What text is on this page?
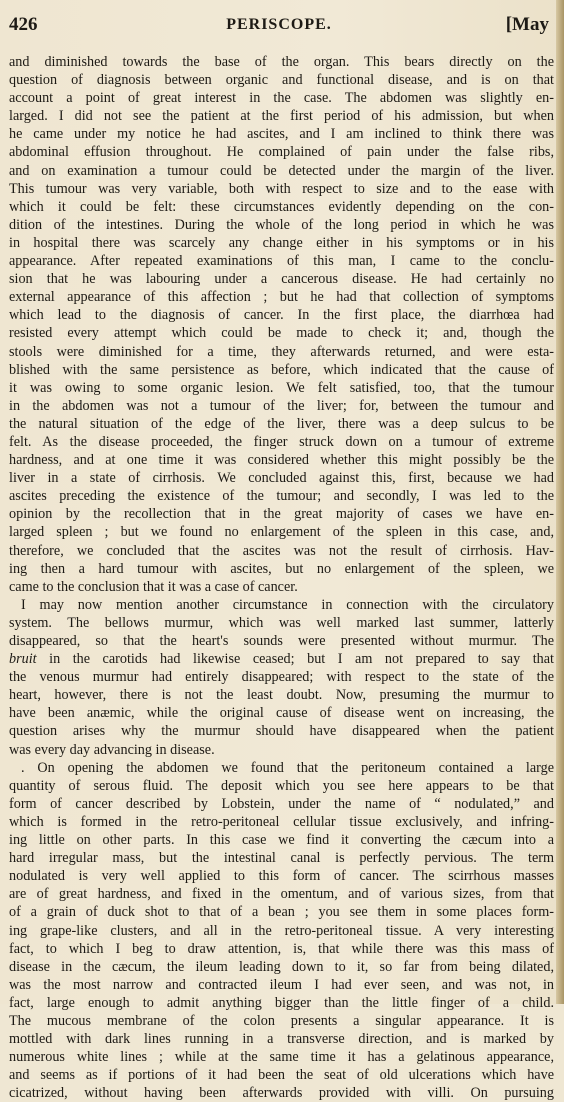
426	PERISCOPE.	[May
and diminished towards the base of the organ. This bears directly on the
question of diagnosis between organic and functional disease, and is on that
account a point of great interest in the case. The abdomen was slightly en-
larged. I did not see the patient at the first period of his admission, but when
he came under my notice he had ascites, and I am inclined to think there was
abdominal effusion throughout. He complained of pain under the false ribs,
and on examination a tumour could be detected under the margin of the liver.
This tumour was very variable, both with respect to size and to the ease with
which it could be felt: these circumstances evidently depending on the con-
dition of the intestines. During the whole of the long period in which he was
in hospital there was scarcely any change either in his symptoms or in his
appearance. After repeated examinations of this man, I came to the conclu-
sion that he was labouring under a cancerous disease. He had certainly no
external appearance of this affection ; but he had that collection of symptoms
which lead to the diagnosis of cancer. In the first place, the diarrhœa had
resisted every attempt which could be made to check it; and, though the
stools were diminished for a time, they afterwards returned, and were esta-
blished with the same persistence as before, which indicated that the cause of
it was owing to some organic lesion. We felt satisfied, too, that the tumour
in the abdomen was not a tumour of the liver; for, between the tumour and
the natural situation of the edge of the liver, there was a deep sulcus to be
felt. As the disease proceeded, the finger struck down on a tumour of extreme
hardness, and at one time it was considered whether this might possibly be the
liver in a state of cirrhosis. We concluded against this, first, because we had
ascites preceding the existence of the tumour; and secondly, I was led to the
opinion by the recollection that in the great majority of cases we have en-
larged spleen ; but we found no enlargement of the spleen in this case, and,
therefore, we concluded that the ascites was not the result of cirrhosis. Hav-
ing then a hard tumour with ascites, but no enlargement of the spleen, we
came to the conclusion that it was a case of cancer.
I may now mention another circumstance in connection with the circulatory
system. The bellows murmur, which was well marked last summer, latterly
disappeared, so that the heart's sounds were presented without murmur. The
bruit in the carotids had likewise ceased; but I am not prepared to say that
the venous murmur had entirely disappeared; with respect to the state of the
heart, however, there is not the least doubt. Now, presuming the murmur to
have been anæmic, while the original cause of disease went on increasing, the
question arises why the murmur should have disappeared when the patient
was every day advancing in disease.
. On opening the abdomen we found that the peritoneum contained a large
quantity of serous fluid. The deposit which you see here appears to be that
form of cancer described by Lobstein, under the name of “ nodulated,” and
which is formed in the retro-peritoneal cellular tissue exclusively, and infring-
ing little on other parts. In this case we find it converting the cæcum into a
hard irregular mass, but the intestinal canal is perfectly pervious. The term
nodulated is very well applied to this form of cancer. The scirrhous masses
are of great hardness, and fixed in the omentum, and of various sizes, from that
of a grain of duck shot to that of a bean ; you see them in some places form-
ing grape-like clusters, and all in the retro-peritoneal tissue. A very interesting
fact, to which I beg to draw attention, is, that while there was this mass of
disease in the cæcum, the ileum leading down to it, so far from being dilated,
was the most narrow and contracted ileum I had ever seen, and was not, in
fact, large enough to admit anything bigger than the little finger of a child.
The mucous membrane of the colon presents a singular appearance. It is
mottled with dark lines running in a transverse direction, and is marked by
numerous white lines ; while at the same time it has a gelatinous appearance,
and seems as if portions of it had been the seat of old ulcerations which have
cicatrized, without having been afterwards provided with villi. On pursuing
